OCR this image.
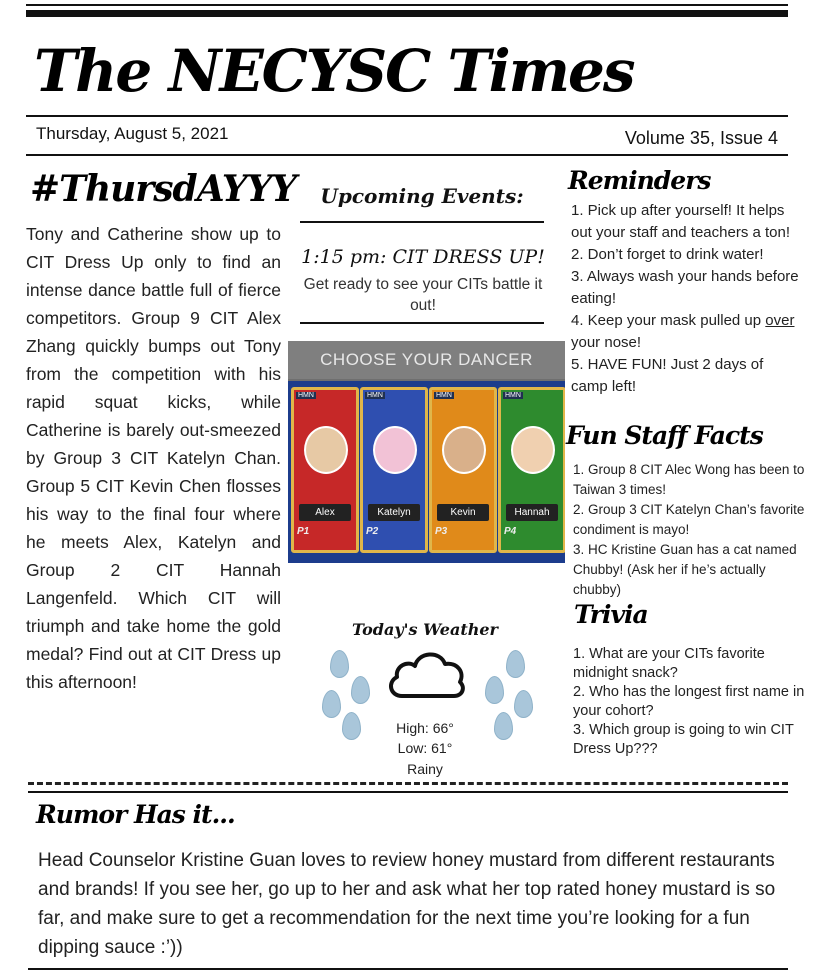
The NECYSC Times
Thursday, August 5, 2021	Volume 35, Issue 4
#ThursdAYYY
Tony and Catherine show up to CIT Dress Up only to find an intense dance battle full of fierce competitors. Group 9 CIT Alex Zhang quickly bumps out Tony from the competition with his rapid squat kicks, while Catherine is barely out-smeezed by Group 3 CIT Katelyn Chan. Group 5 CIT Kevin Chen flosses his way to the final four where he meets Alex, Katelyn and Group 2 CIT Hannah Langenfeld. Which CIT will triumph and take home the gold medal? Find out at CIT Dress up this afternoon!
Upcoming Events:
1:15 pm: CIT DRESS UP!
Get ready to see your CITs battle it out!
CHOOSE YOUR DANCER
HMN
Alex
P1
HMN
Katelyn
P2
HMN
Kevin
P3
HMN
Hannah
P4
Today's Weather
High: 66°
Low: 61°
Rainy
Reminders
1. Pick up after yourself! It helps out your staff and teachers a ton!
2. Don’t forget to drink water!
3. Always wash your hands before eating!
4. Keep your mask pulled up over your nose!
5. HAVE FUN! Just 2 days of camp left!
Fun Staff Facts
1. Group 8 CIT Alec Wong has been to Taiwan 3 times!
2. Group 3 CIT Katelyn Chan’s favorite condiment is mayo!
3. HC Kristine Guan has a cat named Chubby! (Ask her if he’s actually chubby)
Trivia
1. What are your CITs favorite midnight snack?
2. Who has the longest first name in your cohort?
3. Which group is going to win CIT Dress Up???
Rumor Has it...
Head Counselor Kristine Guan loves to review honey mustard from different restaurants and brands! If you see her, go up to her and ask what her top rated honey mustard is so far, and make sure to get a recommendation for the next time you’re looking for a fun dipping sauce :’))
